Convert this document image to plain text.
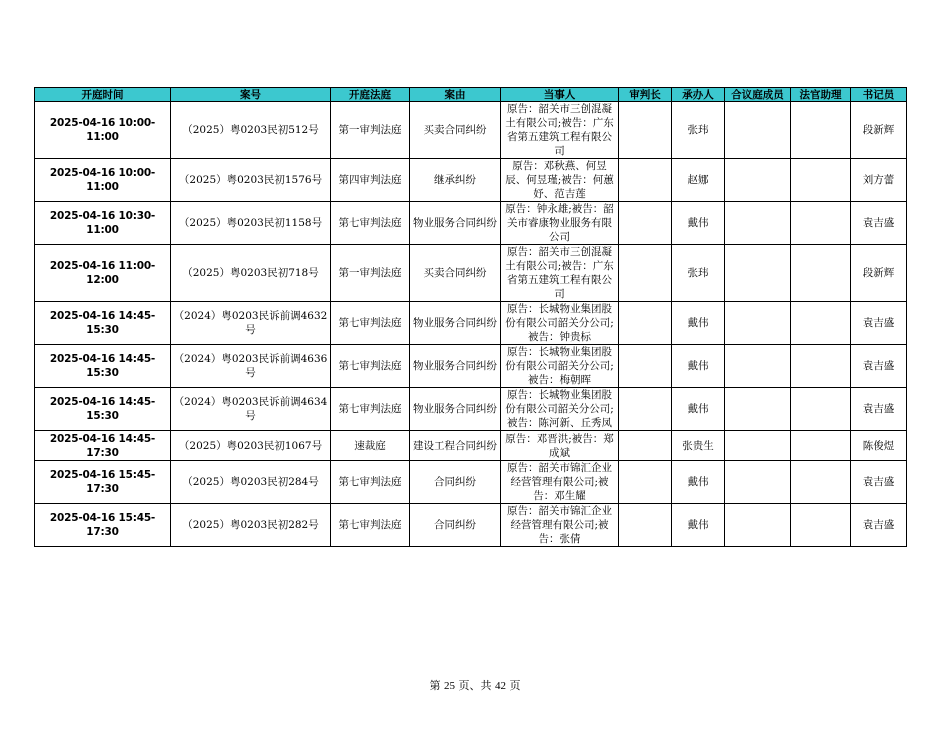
开庭时间	案号	开庭法庭	案由	当事人	审判长	承办人	合议庭成员	法官助理	书记员
2025-04-16 10:00-11:00	（2025）粤0203民初512号	第一审判法庭	买卖合同纠纷	原告：韶关市三创混凝土有限公司;被告：广东省第五建筑工程有限公司		张玮			段新辉
2025-04-16 10:00-11:00	（2025）粤0203民初1576号	第四审判法庭	继承纠纷	原告：邓秋燕、何昱辰、何昱瑾;被告：何蕙妤、范吉莲		赵娜			刘方蕾
2025-04-16 10:30-11:00	（2025）粤0203民初1158号	第七审判法庭	物业服务合同纠纷	原告：钟永雄;被告：韶关市睿康物业服务有限公司		戴伟			袁吉盛
2025-04-16 11:00-12:00	（2025）粤0203民初718号	第一审判法庭	买卖合同纠纷	原告：韶关市三创混凝土有限公司;被告：广东省第五建筑工程有限公司		张玮			段新辉
2025-04-16 14:45-15:30	（2024）粤0203民诉前调4632号	第七审判法庭	物业服务合同纠纷	原告：长城物业集团股份有限公司韶关分公司;被告：钟贵标		戴伟			袁吉盛
2025-04-16 14:45-15:30	（2024）粤0203民诉前调4636号	第七审判法庭	物业服务合同纠纷	原告：长城物业集团股份有限公司韶关分公司;被告：梅朝晖		戴伟			袁吉盛
2025-04-16 14:45-15:30	（2024）粤0203民诉前调4634号	第七审判法庭	物业服务合同纠纷	原告：长城物业集团股份有限公司韶关分公司;被告：陈河新、丘秀凤		戴伟			袁吉盛
2025-04-16 14:45-17:30	（2025）粤0203民初1067号	速裁庭	建设工程合同纠纷	原告：邓晋洪;被告：郑成斌		张贵生			陈俊煜
2025-04-16 15:45-17:30	（2025）粤0203民初284号	第七审判法庭	合同纠纷	原告：韶关市锦汇企业经营管理有限公司;被告：邓生耀		戴伟			袁吉盛
2025-04-16 15:45-17:30	（2025）粤0203民初282号	第七审判法庭	合同纠纷	原告：韶关市锦汇企业经营管理有限公司;被告：张倩		戴伟			袁吉盛
第 25 页、共 42 页
